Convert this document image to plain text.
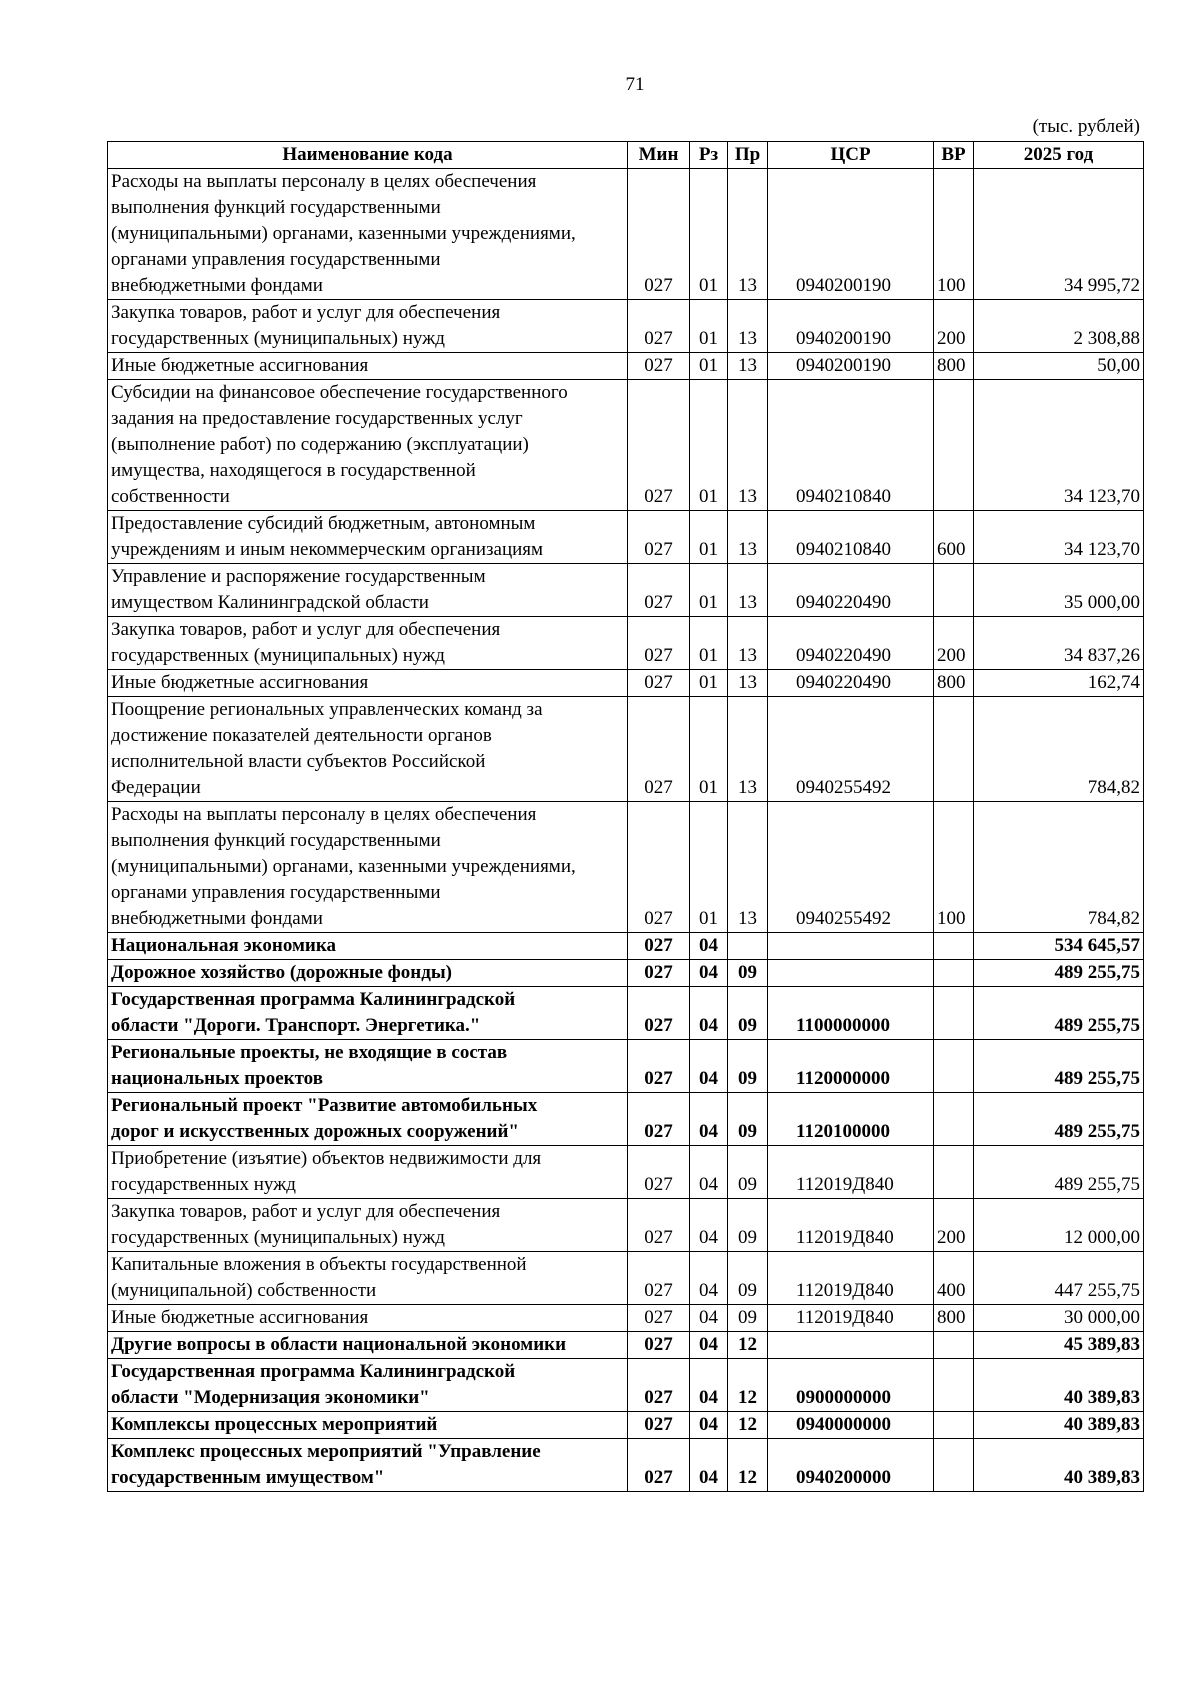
71
(тыс. рублей)
Наименование кода	Мин	Рз	Пр	ЦСР	ВР	2025 год

Расходы на выплаты персоналу в целях обеспечения
выполнения функций государственными
(муниципальными) органами, казенными учреждениями,
органами управления государственными
внебюджетными фондами	027	01	13	0940200190	100	34 995,72

Закупка товаров, работ и услуг для обеспечения
государственных (муниципальных) нужд	027	01	13	0940200190	200	2 308,88

Иные бюджетные ассигнования	027	01	13	0940200190	800	50,00

Субсидии на финансовое обеспечение государственного
задания на предоставление государственных услуг
(выполнение работ) по содержанию (эксплуатации)
имущества, находящегося в государственной
собственности	027	01	13	0940210840		34 123,70

Предоставление субсидий бюджетным, автономным
учреждениям и иным некоммерческим организациям	027	01	13	0940210840	600	34 123,70

Управление и распоряжение государственным
имуществом Калининградской области	027	01	13	0940220490		35 000,00

Закупка товаров, работ и услуг для обеспечения
государственных (муниципальных) нужд	027	01	13	0940220490	200	34 837,26

Иные бюджетные ассигнования	027	01	13	0940220490	800	162,74

Поощрение региональных управленческих команд за
достижение показателей деятельности органов
исполнительной власти субъектов Российской
Федерации	027	01	13	0940255492		784,82

Расходы на выплаты персоналу в целях обеспечения
выполнения функций государственными
(муниципальными) органами, казенными учреждениями,
органами управления государственными
внебюджетными фондами	027	01	13	0940255492	100	784,82

Национальная экономика	027	04				534 645,57

Дорожное хозяйство (дорожные фонды)	027	04	09			489 255,75

Государственная программа Калининградской
области "Дороги. Транспорт. Энергетика."	027	04	09	1100000000		489 255,75

Региональные проекты, не входящие в состав
национальных проектов	027	04	09	1120000000		489 255,75

Региональный проект "Развитие автомобильных
дорог и искусственных дорожных сооружений"	027	04	09	1120100000		489 255,75

Приобретение (изъятие) объектов недвижимости для
государственных нужд	027	04	09	112019Д840		489 255,75

Закупка товаров, работ и услуг для обеспечения
государственных (муниципальных) нужд	027	04	09	112019Д840	200	12 000,00

Капитальные вложения в объекты государственной
(муниципальной) собственности	027	04	09	112019Д840	400	447 255,75

Иные бюджетные ассигнования	027	04	09	112019Д840	800	30 000,00

Другие вопросы в области национальной экономики	027	04	12			45 389,83

Государственная программа Калининградской
области "Модернизация экономики"	027	04	12	0900000000		40 389,83

Комплексы процессных мероприятий	027	04	12	0940000000		40 389,83

Комплекс процессных мероприятий "Управление
государственным имуществом"	027	04	12	0940200000		40 389,83
